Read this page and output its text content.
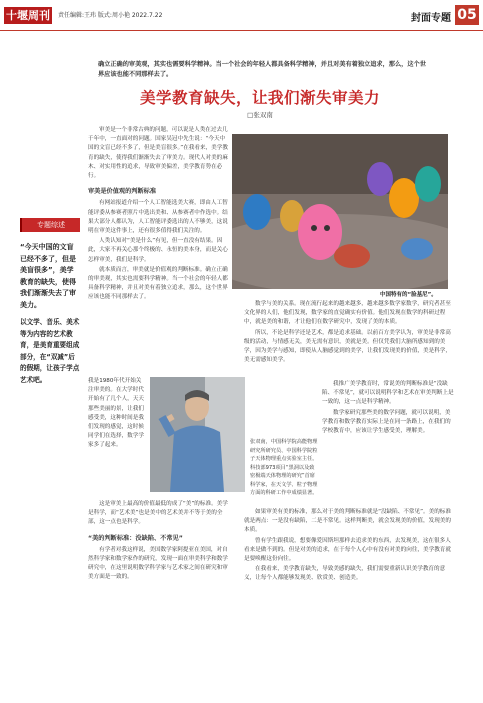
十堰周刊	责任编辑:王玮 版式:周小艳 2022.7.22	封面专题 05
确立正确的审美观，其实也需要科学精神。当一个社会的年轻人都具备科学精神，并且对美有着独立追求，那么，这个世界应该也能不同那样去了。
美学教育缺失，让我们渐失审美力
□张双南
专题综述
“今天中国的文盲已经不多了，但是美盲很多”，美学教育的缺失，使得我们渐渐失去了审美力。
以文学、音乐、美术等为内容的艺术教育，是美育重要组成部分，在“双减”后的假期，让孩子学点艺术吧。

审美是一个非常古典的问题，可以说是人类在过去几千年中，一直面对的问题。国家吴冠中先生说：“今天中国的文盲已经不多了，但是美盲很多。”在我看来，美学教育的缺失，使得我们渐渐失去了审美力。现代人对美的麻木、对实用性的追求，导致审美偏差，美学教育势在必行。

审美是价值观的判断标准

有网站报道介绍一个人工智能选美大赛，即由人工智能评委从参赛者照片中选出美和、从参赛者中作选中。结果大部分人都认为，人工智能评委选出的人不够美，这说明在审美这件事上，还有很多值得我们关注的。

人类认知对“美是什么”有见，但一直没有结果。因此，大家不再关心那个终极的、永恒的美本身，而是关心怎样审美，我们是科学。

就本质而言，审美就是价值观的判断标准。确立正确的审美观，其实也需要科学精神。当一个社会的年轻人都具备科学精神，并且对美有着独立追求，那么，这个世界应该也能不同那样去了。

我是1980年代开始关注审美的。在大学时代开始有了几个人，天天那些美丽的景，让我们感受美，这种时间是我们发现的感觉，这时候同学们在选择，数学学家多了起来。

这是审美上最高的价值最低的成了“美”的标准。美学是科学，而“艺术美”也是美中的艺术美并不等于美的全部，这一点也是科学。

“美的判断标准：没缺陷、不常见”

有学者对我这样说，美国数学家阿提亚在美国，对自然科学家和数学家作的研究，发现一面在审美科学和数学研究中，在这里说明数学科学家与艺术家之间在研究和审美方面是一致的。

数学与美的关系。现在流行起来的越来越多，越来越多数学家数学，研究者甚至文化界的人们，他们发现，数学家的直觉确实有价值。他们发现在数学的科研过程中，就是美的和谐，才让他们在数学研究中，发现了美的本质。

所以，不论是科学还是艺术，都是追求基础。以前百方美学认为，审美是非常高级的活动，与情感无关，美无需有意识，美就是美。但仅凭我们大脑所感知到的美学，因为美学与感知，即使从人脑感觉到的美学，让我们发现美的价值，美是科学，美无需感知美学。

我推广美学教育时，常说美的判断标准是“没缺陷、不常见”，就可以说明科学和艺术在审美判断上是一致的，这一点是科学精神。

数学家研究那些美的数学问题，就可以说明，美学教育和数学教育实际上是在同一条路上，在我们的学校教育中，应该让学生感受美，理解美。

如果审美有美的标准，那么对于美的判断标准就是“没缺陷、不常见”。美的标准就是两点：一是没有缺陷，二是不常见。这样判断美，就会发现美的价值，发现美的本质。

曾有学生跟我说，想要像爱因斯坦那样去追求美的东西，去发现美，这在很多人看来是做不到的。但是对美的追求，在于每个人心中有没有对美的向往，美学教育就是要唤醒这份向往。

在我看来，美学教育缺失，导致美感的缺失，我们需要重新认识美学教育的意义，让每个人都能够发现美、欣赏美、创造美。

中国特有的“脸基尼”。
张双南，中国科学院高能物理研究所研究员、中国科学院粒子天体物理重点实验室主任。科技部973项目“黑洞以及致密极端天体物理的研究”首席科学家，在天文学、粒子物理方面的科研工作中成绩显著。
